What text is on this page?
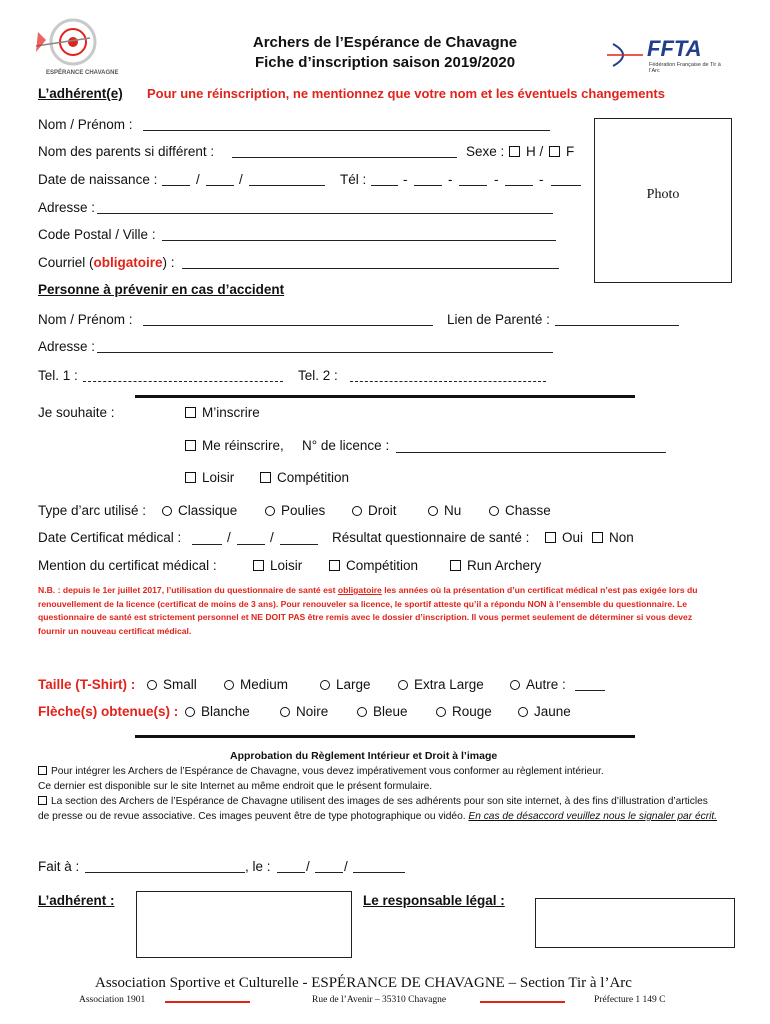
ESPÉRANCE CHAVAGNE
Archers de l’Espérance de Chavagne
Fiche d’inscription saison 2019/2020
FFTA
Fédération Française de Tir à l’Arc
L’adhérent(e) Pour une réinscription, ne mentionnez que votre nom et les éventuels changements
Photo
Nom / Prénom :
Nom des parents si différent :	Sexe :	H /	F
Date de naissance :	/	/	Tél :	-	-	-	-
Adresse :
Code Postal / Ville :
Courriel (obligatoire) :
Personne à prévenir en cas d’accident
Nom / Prénom :	Lien de Parenté :
Adresse :
Tel. 1 :	Tel. 2 :
Je souhaite :	M’inscrire
Me réinscrire, N° de licence :
Loisir	Compétition
Type d’arc utilisé :	Classique	Poulies	Droit	Nu	Chasse
Date Certificat médical :	/	/	Résultat questionnaire de santé :	Oui	Non
Mention du certificat médical :	Loisir	Compétition	Run Archery
N.B. : depuis le 1er juillet 2017, l’utilisation du questionnaire de santé est obligatoire les années où la présentation d’un certificat médical n’est pas exigée lors du renouvellement de la licence (certificat de moins de 3 ans). Pour renouveler sa licence, le sportif atteste qu’il a répondu NON à l’ensemble du questionnaire. Le questionnaire de santé est strictement personnel et NE DOIT PAS être remis avec le dossier d’inscription. Il vous permet seulement de déterminer si vous devez fournir un nouveau certificat médical.
Taille (T-Shirt) :	Small	Medium	Large	Extra Large	Autre :
Flèche(s) obtenue(s) :	Blanche	Noire	Bleue	Rouge	Jaune
Approbation du Règlement Intérieur et Droit à l’image
Pour intégrer les Archers de l’Espérance de Chavagne, vous devez impérativement vous conformer au règlement intérieur.
Ce dernier est disponible sur le site Internet au même endroit que le présent formulaire.
La section des Archers de l’Espérance de Chavagne utilisent des images de ses adhérents pour son site internet, à des fins d’illustration d’articles de presse ou de revue associative. Ces images peuvent être de type photographique ou vidéo. En cas de désaccord veuillez nous le signaler par écrit.
Fait à :	, le :	/	/
L’adhérent :	Le responsable légal :
Association Sportive et Culturelle - ESPÉRANCE DE CHAVAGNE – Section Tir à l’Arc
Association 1901	Rue de l’Avenir – 35310 Chavagne	Préfecture 1 149 C
